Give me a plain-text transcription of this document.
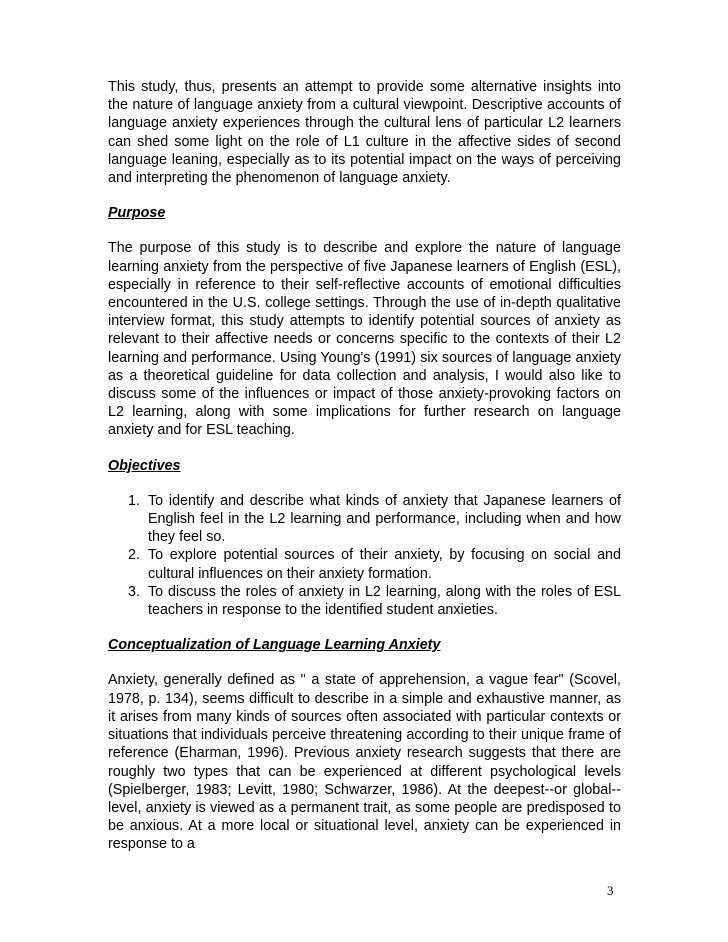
This study, thus, presents an attempt to provide some alternative insights into the nature of language anxiety from a cultural viewpoint. Descriptive accounts of language anxiety experiences through the cultural lens of particular L2 learners can shed some light on the role of L1 culture in the affective sides of second language leaning, especially as to its potential impact on the ways of perceiving and interpreting the phenomenon of language anxiety.

Purpose

The purpose of this study is to describe and explore the nature of language learning anxiety from the perspective of five Japanese learners of English (ESL), especially in reference to their self-reflective accounts of emotional difficulties encountered in the U.S. college settings. Through the use of in-depth qualitative interview format, this study attempts to identify potential sources of anxiety as relevant to their affective needs or concerns specific to the contexts of their L2 learning and performance. Using Young's (1991) six sources of language anxiety as a theoretical guideline for data collection and analysis, I would also like to discuss some of the influences or impact of those anxiety-provoking factors on L2 learning, along with some implications for further research on language anxiety and for ESL teaching.

Objectives
1. To identify and describe what kinds of anxiety that Japanese learners of English feel in the L2 learning and performance, including when and how they feel so.
2. To explore potential sources of their anxiety, by focusing on social and cultural influences on their anxiety formation.
3. To discuss the roles of anxiety in L2 learning, along with the roles of ESL teachers in response to the identified student anxieties.
Conceptualization of Language Learning Anxiety

Anxiety, generally defined as " a state of apprehension, a vague fear" (Scovel, 1978, p. 134), seems difficult to describe in a simple and exhaustive manner, as it arises from many kinds of sources often associated with particular contexts or situations that individuals perceive threatening according to their unique frame of reference (Eharman, 1996). Previous anxiety research suggests that there are roughly two types that can be experienced at different psychological levels (Spielberger, 1983; Levitt, 1980; Schwarzer, 1986). At the deepest--or global--level, anxiety is viewed as a permanent trait, as some people are predisposed to be anxious. At a more local or situational level, anxiety can be experienced in response to a

3
